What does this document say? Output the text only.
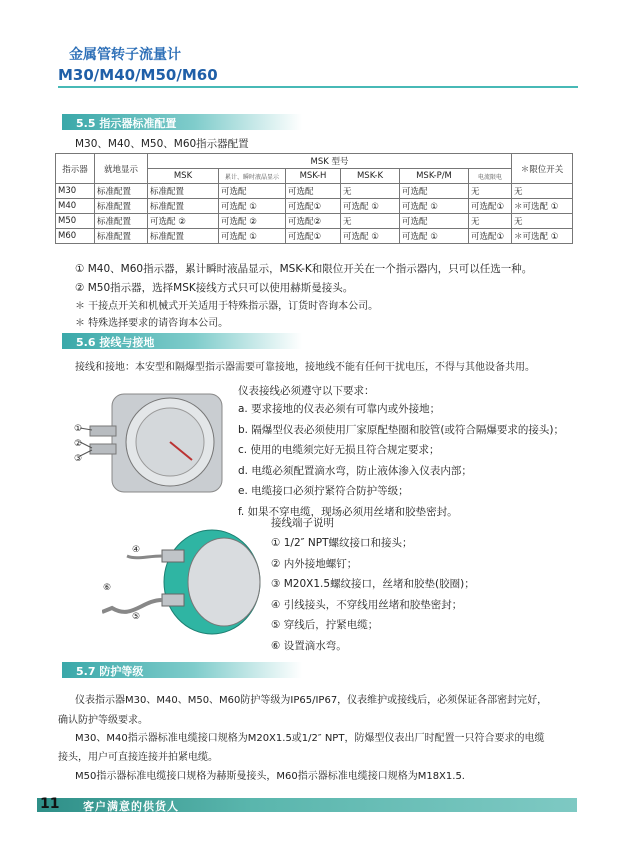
金属管转子流量计
M30/M40/M50/M60
5.5 指示器标准配置
M30、M40、M50、M60指示器配置
指示器	就地显示	MSK 型号						＊限位开关
		MSK	累计、瞬时液晶显示	MSK-H	MSK-K	MSK-P/M	电流限电	
M30	标准配置	标准配置	可选配	可选配	无	可选配	无	无
M40	标准配置	标准配置	可选配 ①	可选配①	可选配 ①	可选配 ①	可选配①	＊可选配 ①
M50	标准配置	可选配 ②	可选配 ②	可选配②	无	可选配	无	无
M60	标准配置	标准配置	可选配 ①	可选配①	可选配 ①	可选配 ①	可选配①	＊可选配 ①
① M40、M60指示器，累计瞬时液晶显示，MSK-K和限位开关在一个指示器内，只可以任选一种。
② M50指示器，选择MSK接线方式只可以使用赫斯曼接头。
＊ 干接点开关和机械式开关适用于特殊指示器，订货时咨询本公司。
＊ 特殊选择要求的请咨询本公司。
5.6 接线与接地
接线和接地：本安型和隔爆型指示器需要可靠接地，接地线不能有任何干扰电压，不得与其他设备共用。
①
②
③
仪表接线必须遵守以下要求：
a. 要求接地的仪表必须有可靠内或外接地；
b. 隔爆型仪表必须使用厂家原配垫圈和胶管(或符合隔爆要求的接头)；
c. 使用的电缆须完好无损且符合规定要求；
d. 电缆必须配置滴水弯，防止液体渗入仪表内部；
e. 电缆接口必须拧紧符合防护等级；
f. 如果不穿电缆，现场必须用丝堵和胶垫密封。
④
⑥
⑤
接线端子说明
① 1/2″ NPT螺纹接口和接头；
② 内外接地螺钉；
③ M20X1.5螺纹接口，丝堵和胶垫(胶圈)；
④ 引线接头，不穿线用丝堵和胶垫密封；
⑤ 穿线后，拧紧电缆；
⑥ 设置滴水弯。
5.7 防护等级
仪表指示器M30、M40、M50、M60防护等级为IP65/IP67，仪表维护或接线后，必须保证各部密封完好，
确认防护等级要求。
M30、M40指示器标准电缆接口规格为M20X1.5或1/2″ NPT，防爆型仪表出厂时配置一只符合要求的电缆
接头，用户可直接连接并拍紧电缆。
M50指示器标准电缆接口规格为赫斯曼接头，M60指示器标准电缆接口规格为M18X1.5.
11 客户满意的供货人
